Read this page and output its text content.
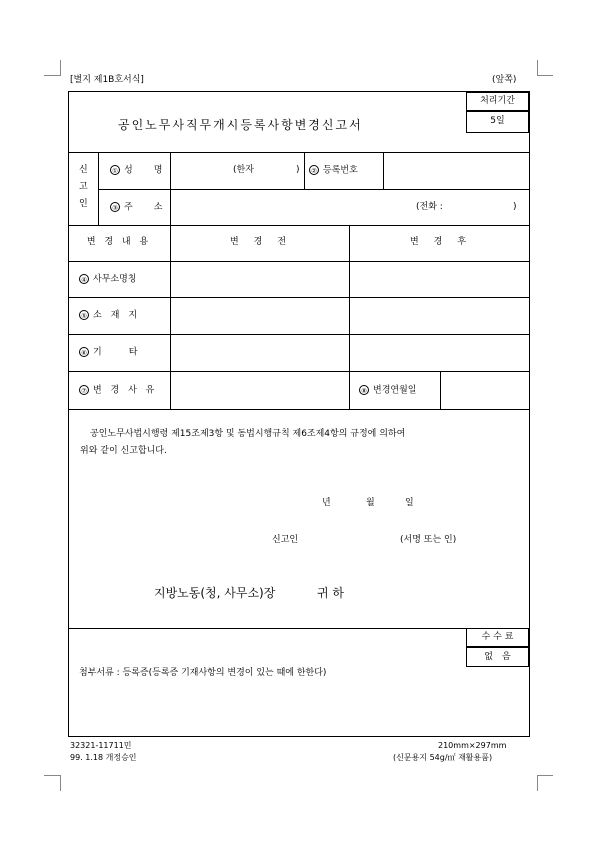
[별지 제1B호서식]	(앞쪽)
공인노무사직무개시등록사항변경신고서
처리기간
5일
신
고
인
① 성　명	(한자	)	② 등록번호
③ 주　소	(전화 :	)
변 경 내 용	변　경　전	변　경　후
④ 사무소명칭
⑤ 소　재　지
⑥ 기　　　타
⑦ 변 경 사 유	⑧ 변경연월일
공인노무사법시행령 제15조제3항 및 동법시행규칙 제6조제4항의 규정에 의하여
위와 같이 신고합니다.
년	월	일
신고인	(서명 또는 인)
지방노동(청, 사무소)장	귀 하
수 수 료
없　음
첨부서류 : 등록증(등록증 기재사항의 변경이 있는 때에 한한다)
32321-11711민
99. 1.18 개정승인
210mm×297mm
(신문용지 54g/㎡ 재활용품)
